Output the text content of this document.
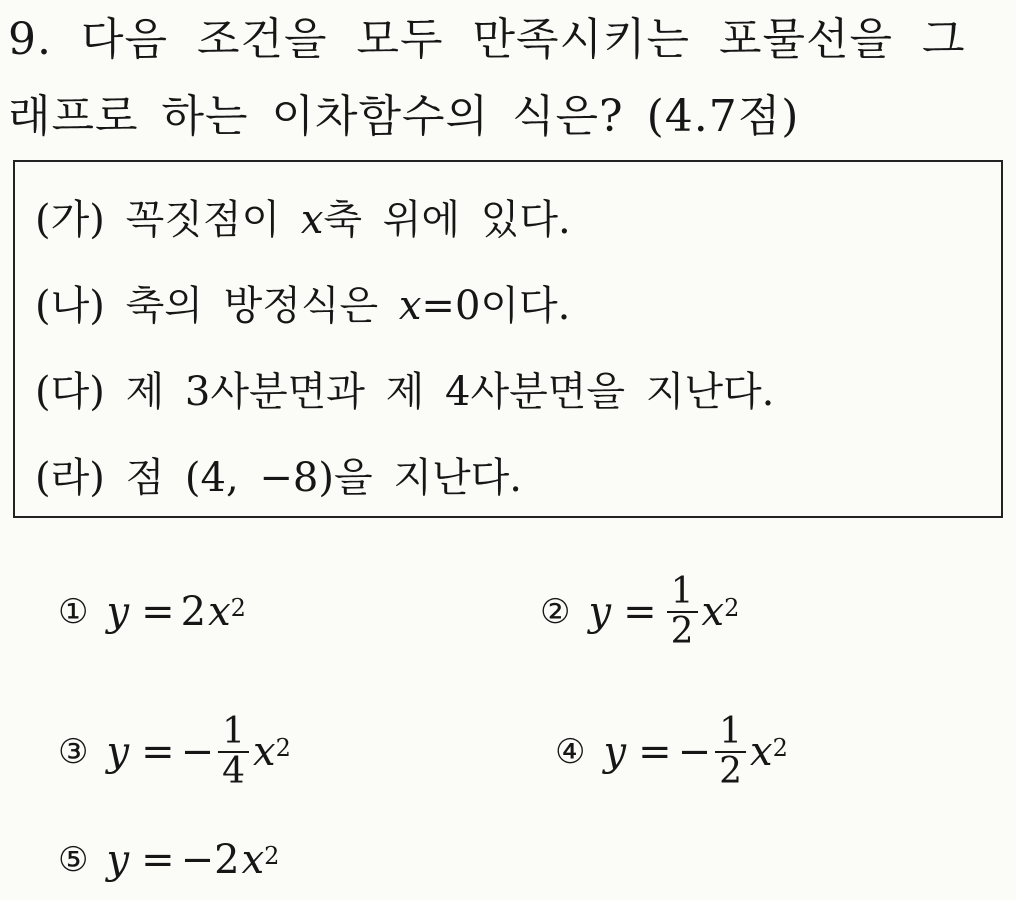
9. 다음 조건을 모두 만족시키는 포물선을 그
래프로 하는 이차함수의 식은? (4.7점)
(가) 꼭짓점이 x축 위에 있다.
(나) 축의 방정식은 x=0이다.
(다) 제 3사분면과 제 4사분면을 지난다.
(라) 점 (4, −8)을 지난다.
① y = 2 x 2	② $y = \frac{1}{2}$ x 2
③ y = − $\frac{1}{4}$ x 2	④ y = − $\frac{1}{2}$ x 2
⑤ y = − 2 x 2
